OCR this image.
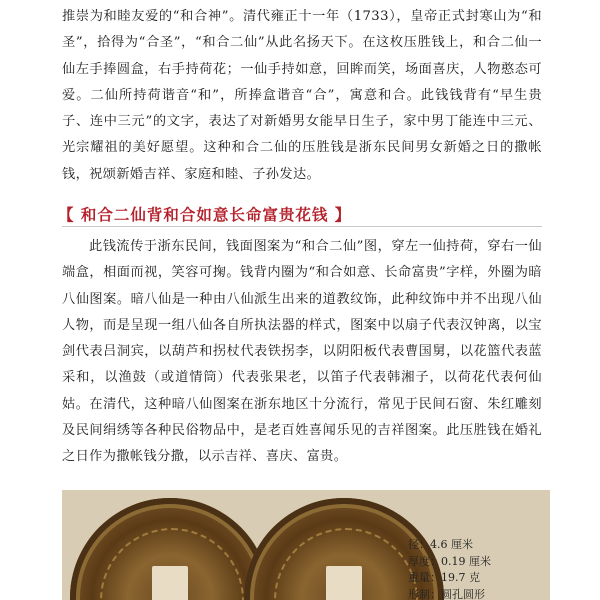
推崇为和睦友爱的“和合神”。清代雍正十一年（1733），皇帝正式封寒山为“和圣”，拾得为“合圣”，“和合二仙”从此名扬天下。在这枚压胜钱上，和合二仙一仙左手捧圆盒，右手持荷花；一仙手持如意，回眸而笑，场面喜庆，人物憨态可爱。二仙所持荷谐音“和”，所捧盒谐音“合”，寓意和合。此钱钱背有“早生贵子、连中三元”的文字，表达了对新婚男女能早日生子，家中男丁能连中三元、光宗耀祖的美好愿望。这种和合二仙的压胜钱是浙东民间男女新婚之日的撒帐钱，祝颂新婚吉祥、家庭和睦、子孙发达。

【 和合二仙背和合如意长命富贵花钱 】

此钱流传于浙东民间，钱面图案为“和合二仙”图，穿左一仙持荷，穿右一仙端盒，相面而视，笑容可掬。钱背内圈为“和合如意、长命富贵”字样，外圈为暗八仙图案。暗八仙是一种由八仙派生出来的道教纹饰，此种纹饰中并不出现八仙人物，而是呈现一组八仙各自所执法器的样式，图案中以扇子代表汉钟离，以宝剑代表吕洞宾，以葫芦和拐杖代表铁拐李，以阴阳板代表曹国舅，以花篮代表蓝采和，以渔鼓（或道情筒）代表张果老，以笛子代表韩湘子，以荷花代表何仙姑。在清代，这种暗八仙图案在浙东地区十分流行，常见于民间石窗、朱红雕刻及民间绢绣等各种民俗物品中，是老百姓喜闻乐见的吉祥图案。此压胜钱在婚礼之日作为撒帐钱分撒，以示吉祥、喜庆、富贵。

径：4.6 厘米
厚度：0.19 厘米
重量：19.7 克
形制：圆孔圆形
